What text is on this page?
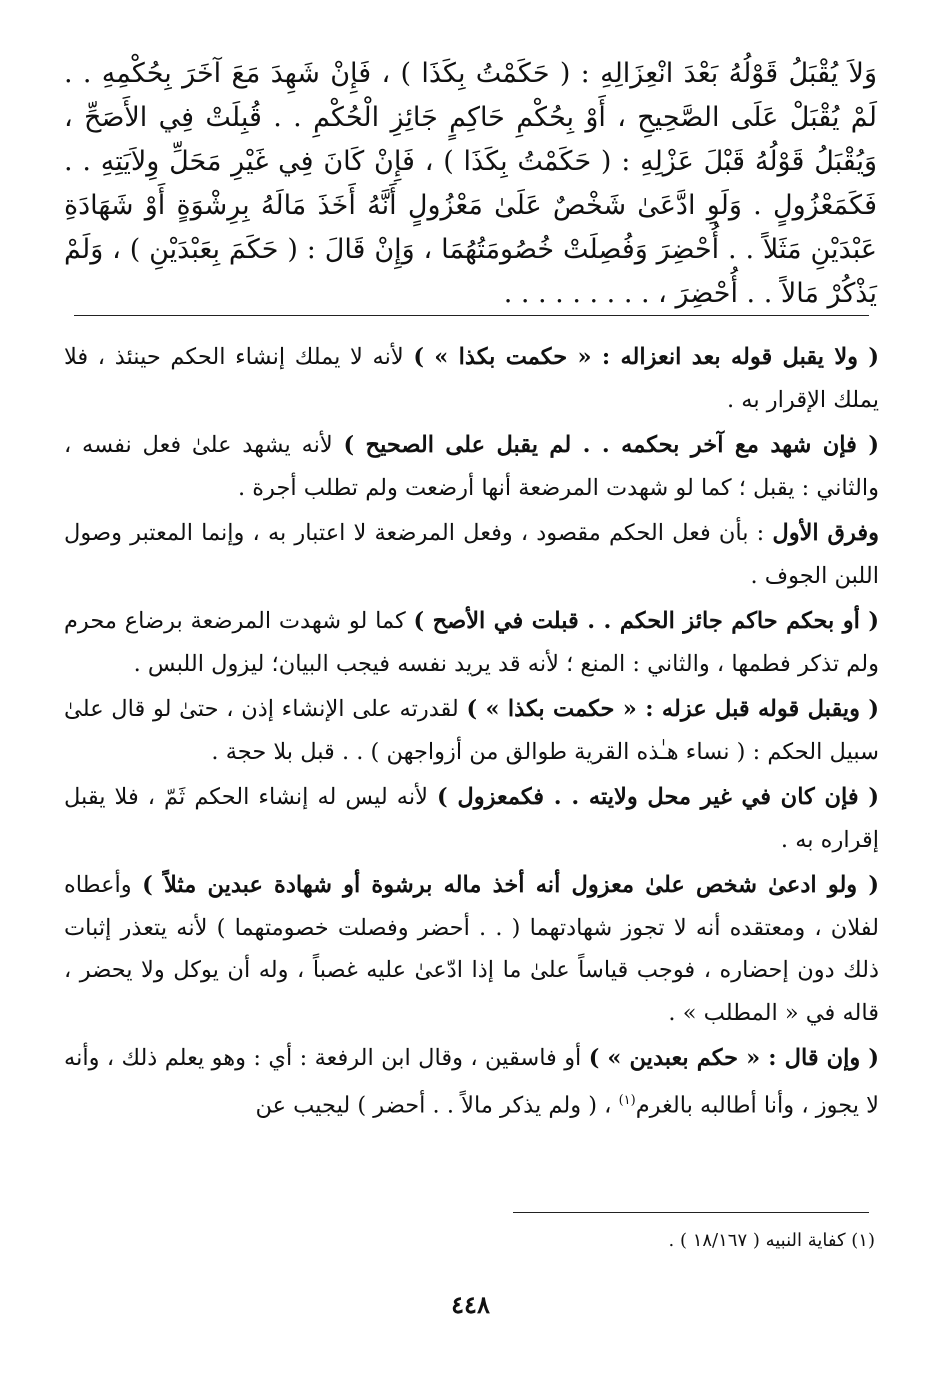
وَلاَ يُقْبَلُ قَوْلُهُ بَعْدَ انْعِزَالِهِ : ( حَكَمْتُ بِكَذَا ) ، فَإِنْ شَهِدَ مَعَ آخَرَ بِحُكْمِهِ . . لَمْ يُقْبَلْ عَلَى الصَّحِيحِ ، أَوْ بِحُكْمِ حَاكِمٍ جَائِزِ الْحُكْمِ . . قُبِلَتْ فِي الأَصَحِّ ، وَيُقْبَلُ قَوْلُهُ قَبْلَ عَزْلِهِ : ( حَكَمْتُ بِكَذَا ) ، فَإِنْ كَانَ فِي غَيْرِ مَحَلِّ وِلاَيَتِهِ . . فَكَمَعْزُولٍ . وَلَوِ ادَّعَىٰ شَخْصٌ عَلَىٰ مَعْزُولٍ أَنَّهُ أَخَذَ مَالَهُ بِرِشْوَةٍ أَوْ شَهَادَةِ عَبْدَيْنِ مَثَلاً . . أُحْضِرَ وَفُصِلَتْ خُصُومَتُهُمَا ، وَإِنْ قَالَ : ( حَكَمَ بِعَبْدَيْنِ ) ، وَلَمْ يَذْكُرْ مَالاً . . أُحْضِرَ ، . . . . . . . . .

( ولا يقبل قوله بعد انعزاله : « حكمت بكذا » ) لأنه لا يملك إنشاء الحكم حينئذ ، فلا يملك الإقرار به .

( فإن شهد مع آخر بحكمه . . لم يقبل على الصحيح ) لأنه يشهد علىٰ فعل نفسه ، والثاني : يقبل ؛ كما لو شهدت المرضعة أنها أرضعت ولم تطلب أجرة .

وفرق الأول : بأن فعل الحكم مقصود ، وفعل المرضعة لا اعتبار به ، وإنما المعتبر وصول اللبن الجوف .

( أو بحكم حاكم جائز الحكم . . قبلت في الأصح ) كما لو شهدت المرضعة برضاع محرم ولم تذكر فطمها ، والثاني : المنع ؛ لأنه قد يريد نفسه فيجب البيان؛ ليزول اللبس .

( ويقبل قوله قبل عزله : « حكمت بكذا » ) لقدرته على الإنشاء إذن ، حتىٰ لو قال علىٰ سبيل الحكم : ( نساء هـٰذه القرية طوالق من أزواجهن ) . . قبل بلا حجة .

( فإن كان في غير محل ولايته . . فكمعزول ) لأنه ليس له إنشاء الحكم ثَمّ ، فلا يقبل إقراره به .

( ولو ادعىٰ شخص علىٰ معزول أنه أخذ ماله برشوة أو شهادة عبدين مثلاً ) وأعطاه لفلان ، ومعتقده أنه لا تجوز شهادتهما ( . . أحضر وفصلت خصومتهما ) لأنه يتعذر إثبات ذلك دون إحضاره ، فوجب قياساً علىٰ ما إذا ادّعىٰ عليه غصباً ، وله أن يوكل ولا يحضر ، قاله في « المطلب » .

( وإن قال : « حكم بعبدين » ) أو فاسقين ، وقال ابن الرفعة : أي : وهو يعلم ذلك ، وأنه لا يجوز ، وأنا أطالبه بالغرم$^{(١)}$ ، ( ولم يذكر مالاً . . أحضر ) ليجيب عن

(١) كفاية النبيه ( ١٨/١٦٧ ) .
٤٤٨
